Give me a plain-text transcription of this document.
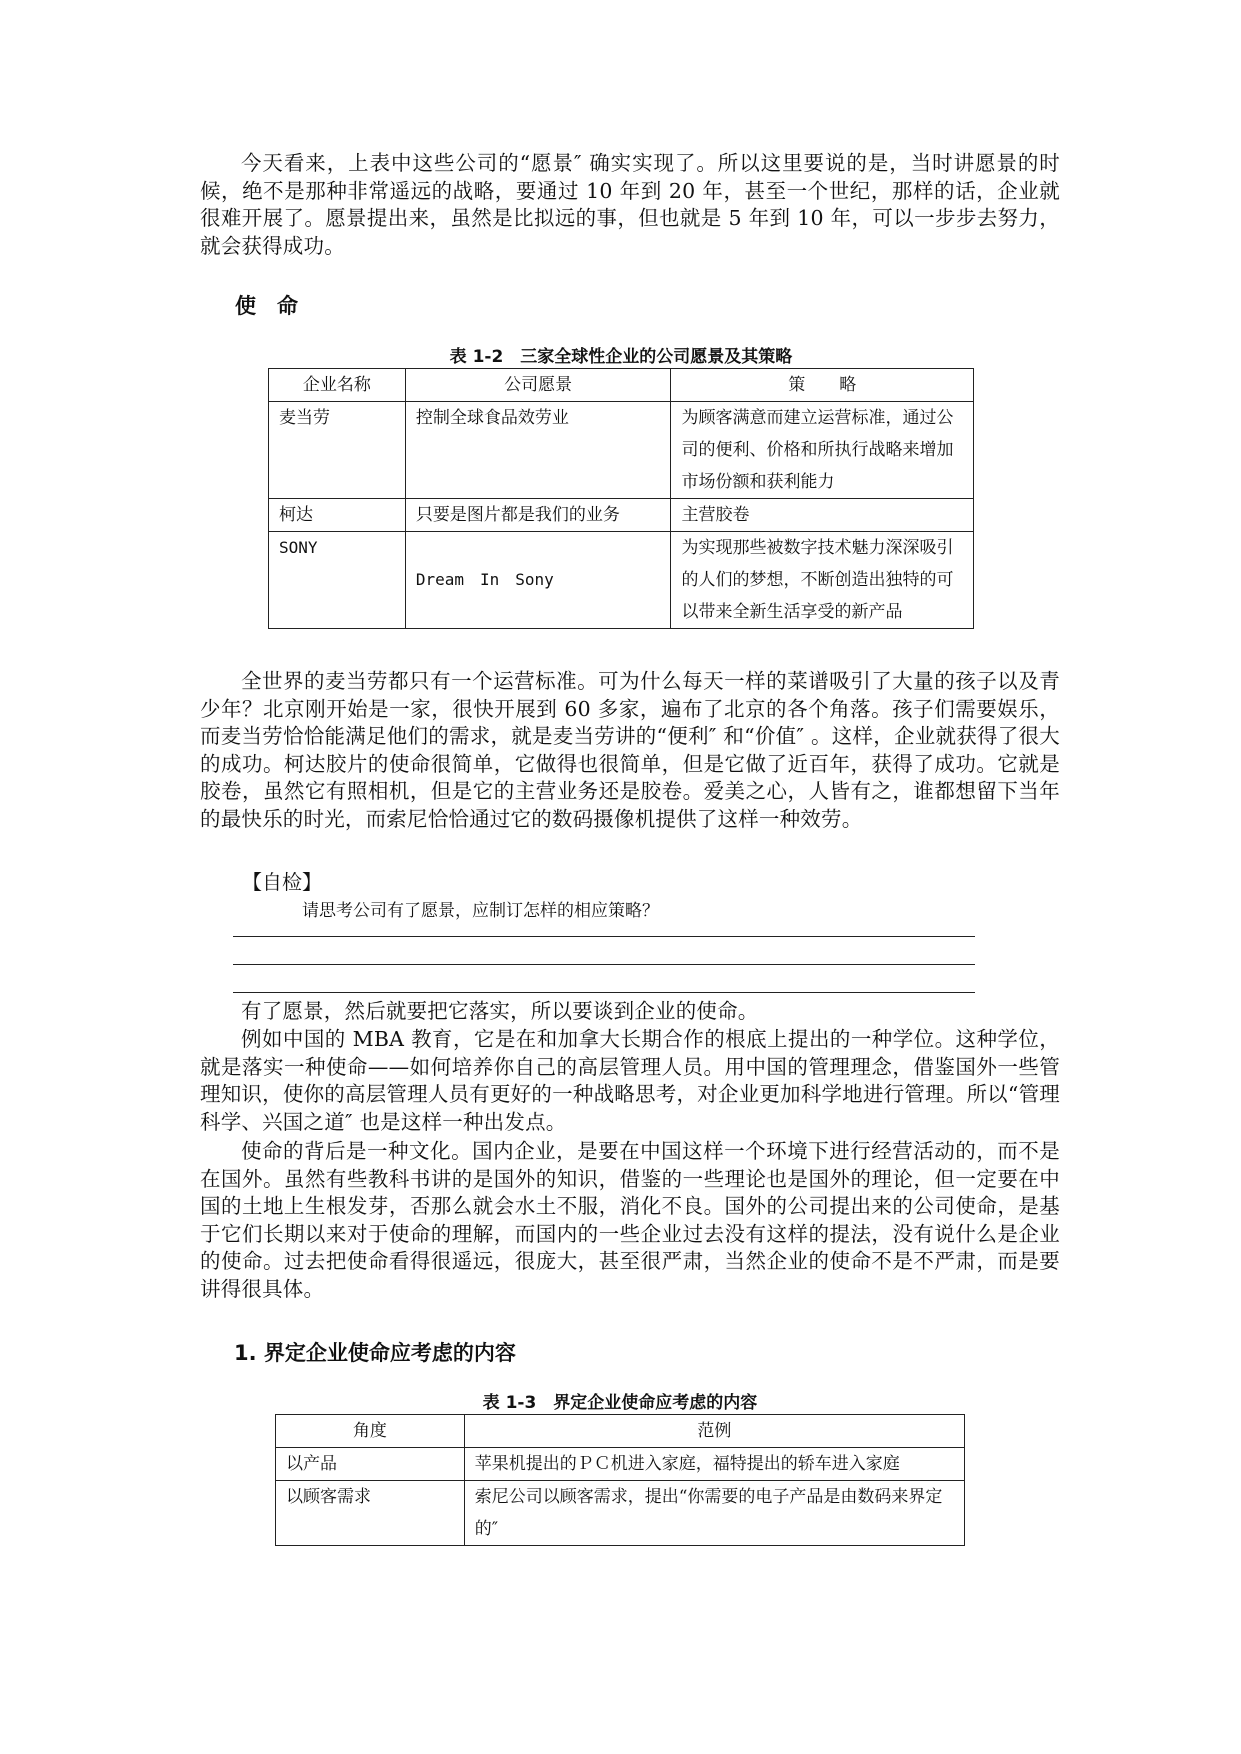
今天看来，上表中这些公司的“愿景″ 确实实现了。所以这里要说的是，当时讲愿景的时候，绝不是那种非常遥远的战略，要通过 10 年到 20 年，甚至一个世纪，那样的话，企业就很难开展了。愿景提出来，虽然是比拟远的事，但也就是 5 年到 10 年，可以一步步去努力，就会获得成功。

使　命

表 1-2　三家全球性企业的公司愿景及其策略

企业名称	公司愿景	策　　略
麦当劳	控制全球食品效劳业	为顾客满意而建立运营标准，通过公司的便利、价格和所执行战略来增加市场份额和获利能力
柯达	只要是图片都是我们的业务	主营胶卷
SONY	Dream　In　Sony	为实现那些被数字技术魅力深深吸引的人们的梦想，不断创造出独特的可以带来全新生活享受的新产品

全世界的麦当劳都只有一个运营标准。可为什么每天一样的菜谱吸引了大量的孩子以及青少年？北京刚开始是一家，很快开展到 60 多家，遍布了北京的各个角落。孩子们需要娱乐，而麦当劳恰恰能满足他们的需求，就是麦当劳讲的“便利″ 和“价值″ 。这样，企业就获得了很大的成功。柯达胶片的使命很简单，它做得也很简单，但是它做了近百年，获得了成功。它就是胶卷，虽然它有照相机，但是它的主营业务还是胶卷。爱美之心，人皆有之，谁都想留下当年的最快乐的时光，而索尼恰恰通过它的数码摄像机提供了这样一种效劳。

【自检】

请思考公司有了愿景，应制订怎样的相应策略？

有了愿景，然后就要把它落实，所以要谈到企业的使命。

例如中国的 MBA 教育，它是在和加拿大长期合作的根底上提出的一种学位。这种学位，就是落实一种使命——如何培养你自己的高层管理人员。用中国的管理理念，借鉴国外一些管理知识，使你的高层管理人员有更好的一种战略思考，对企业更加科学地进行管理。所以“管理科学、兴国之道″ 也是这样一种出发点。

使命的背后是一种文化。国内企业，是要在中国这样一个环境下进行经营活动的，而不是在国外。虽然有些教科书讲的是国外的知识，借鉴的一些理论也是国外的理论，但一定要在中国的土地上生根发芽，否那么就会水土不服，消化不良。国外的公司提出来的公司使命，是基于它们长期以来对于使命的理解，而国内的一些企业过去没有这样的提法，没有说什么是企业的使命。过去把使命看得很遥远，很庞大，甚至很严肃，当然企业的使命不是不严肃，而是要讲得很具体。

1. 界定企业使命应考虑的内容

表 1-3　界定企业使命应考虑的内容

角度	范例
以产品	苹果机提出的ＰＣ机进入家庭，福特提出的轿车进入家庭
以顾客需求	索尼公司以顾客需求，提出“你需要的电子产品是由数码来界定的″
